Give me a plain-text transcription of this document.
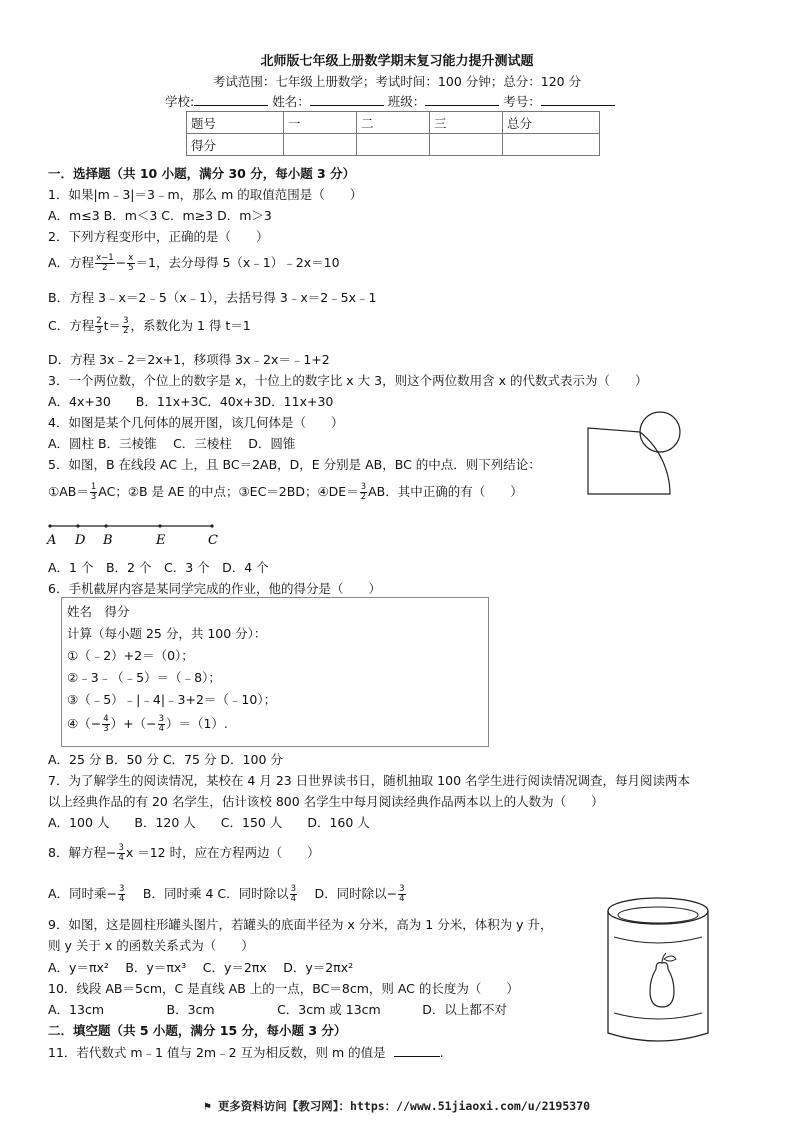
北师版七年级上册数学期末复习能力提升测试题
考试范围：七年级上册数学；考试时间：100 分钟；总分：120 分
学校:	姓名：	班级：	考号：
题号	一	二	三	总分
得分				
一．选择题（共 10 小题，满分 30 分，每小题 3 分）
1．如果|m﹣3|＝3﹣m，那么 m 的取值范围是（　　）
A．m≤3 B．m＜3 C．m≥3 D．m＞3
2．下列方程变形中，正确的是（　　）
A．方程 $\frac{x-1}{2} - \frac{x}{5} =1$，去分母得 5（x﹣1）﹣2x＝10
B．方程 3﹣x＝2﹣5（x﹣1），去括号得 3﹣x＝2﹣5x﹣1
C．方程 $\frac{2}{3} t= \frac{3}{2}$ ，系数化为 1 得 t＝1
D．方程 3x﹣2＝2x+1，移项得 3x﹣2x＝﹣1+2
3．一个两位数，个位上的数字是 x，十位上的数字比 x 大 3，则这个两位数用含 x 的代数式表示为（　　）
A．4x+30　　B．11x+3C．40x+3D．11x+30
4．如图是某个几何体的展开图，该几何体是（　　）
A．圆柱 B．三棱锥　 C．三棱柱　 D．圆锥
5．如图，B 在线段 AC 上，且 BC＝2AB，D，E 分别是 AB，BC 的中点．则下列结论：
①AB＝ $\frac{1}{3}$ AC；②B 是 AE 的中点；③EC＝2BD；④DE＝ $\frac{3}{2}$ AB．其中正确的有（　　）
A D B	E	C
A．1 个　B．2 个　C．3 个　D．4 个
6．手机截屏内容是某同学完成的作业，他的得分是（　　）
姓名　得分
计算（每小题 25 分，共 100 分）：
①（﹣2）+2＝（0）；
②﹣3﹣（﹣5）＝（﹣8）；
③（﹣5）﹣|﹣4|﹣3+2＝（﹣10）；
④（− $\frac{4}{3}$ ）+（− $\frac{3}{4} )=(1)$.
A．25 分 B．50 分 C．75 分 D．100 分
7．为了解学生的阅读情况，某校在 4 月 23 日世界读书日，随机抽取 100 名学生进行阅读情况调查，每月阅读两本
以上经典作品的有 20 名学生，估计该校 800 名学生中每月阅读经典作品两本以上的人数为（　　）
A．100 人　　B．120 人　　C．150 人　　D．160 人
8．解方程− $\frac{3}{4}$ x ＝12 时，应在方程两边（　　）
A．同时乘− $\frac{3}{4}$ 　 B．同时乘 4 C．同时除以 $\frac{3}{4}$ 　 D．同时除以− $\frac{3}{4}$
9．如图，这是圆柱形罐头图片，若罐头的底面半径为 x 分米，高为 1 分米，体积为 y 升，
则 y 关于 x 的函数关系式为（　　）
A．y＝πx²　 B．y＝πx³　 C．y＝2πx　 D．y＝2πx²
10．线段 AB＝5cm，C 是直线 AB 上的一点，BC＝8cm，则 AC 的长度为（　　）
A．13cm　　　　　B．3cm　　　　　C．3cm 或 13cm　　　 D．以上都不对
二．填空题（共 5 小题，满分 15 分，每小题 3 分）
11．若代数式 m﹣1 值与 2m﹣2 互为相反数，则 m 的值是	.
⚑ 更多资料访问【教习网】：https：//www.51jiaoxi.com/u/2195370
